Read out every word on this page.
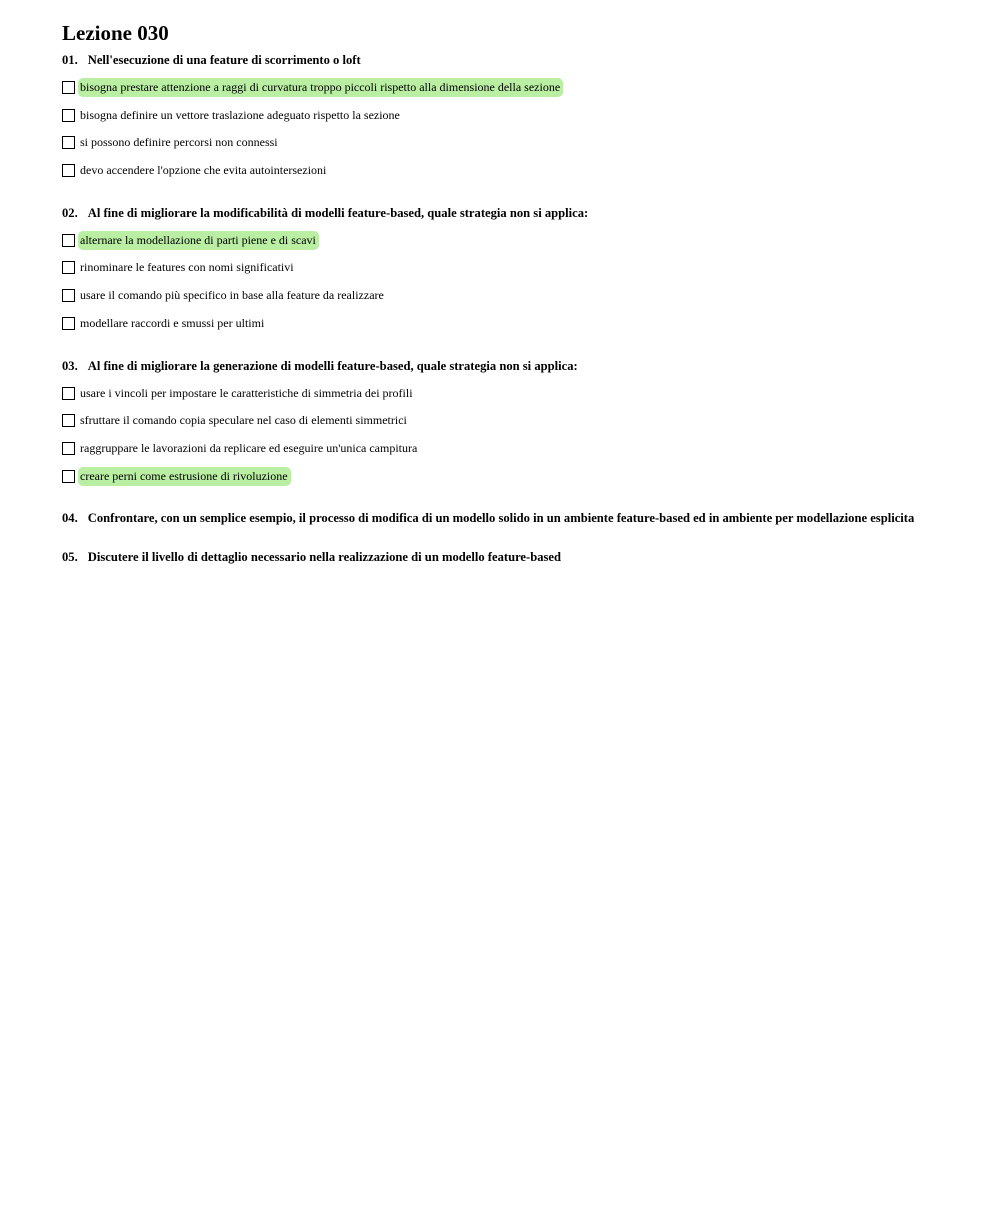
Lezione 030
01. Nell'esecuzione di una feature di scorrimento o loft
bisogna prestare attenzione a raggi di curvatura troppo piccoli rispetto alla dimensione della sezione
bisogna definire un vettore traslazione adeguato rispetto la sezione
si possono definire percorsi non connessi
devo accendere l'opzione che evita autointersezioni
02. Al fine di migliorare la modificabilità di modelli feature-based, quale strategia non si applica:
alternare la modellazione di parti piene e di scavi
rinominare le features con nomi significativi
usare il comando più specifico in base alla feature da realizzare
modellare raccordi e smussi per ultimi
03. Al fine di migliorare la generazione di modelli feature-based, quale strategia non si applica:
usare i vincoli per impostare le caratteristiche di simmetria dei profili
sfruttare il comando copia speculare nel caso di elementi simmetrici
raggruppare le lavorazioni da replicare ed eseguire un'unica campitura
creare perni come estrusione di rivoluzione
04. Confrontare, con un semplice esempio, il processo di modifica di un modello solido in un ambiente feature-based ed in ambiente per modellazione esplicita
05. Discutere il livello di dettaglio necessario nella realizzazione di un modello feature-based
